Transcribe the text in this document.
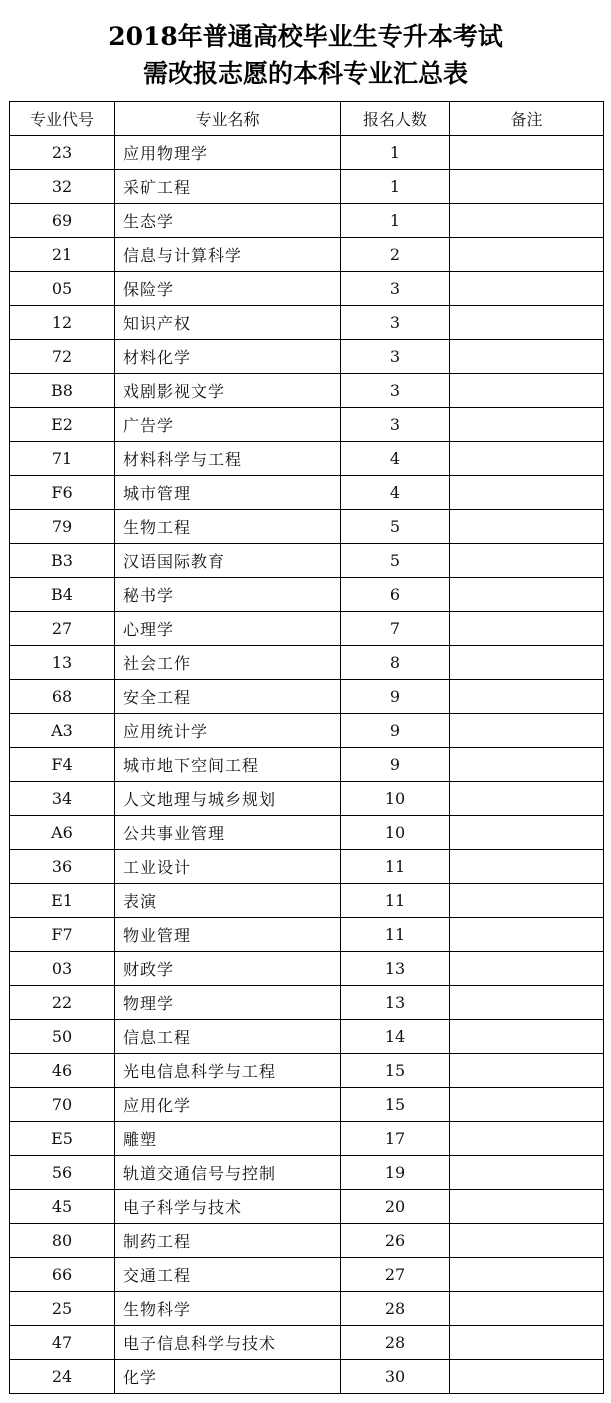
2018年普通高校毕业生专升本考试
需改报志愿的本科专业汇总表
专业代号	专业名称	报名人数	备注
23	应用物理学	1	
32	采矿工程	1	
69	生态学	1	
21	信息与计算科学	2	
05	保险学	3	
12	知识产权	3	
72	材料化学	3	
B8	戏剧影视文学	3	
E2	广告学	3	
71	材料科学与工程	4	
F6	城市管理	4	
79	生物工程	5	
B3	汉语国际教育	5	
B4	秘书学	6	
27	心理学	7	
13	社会工作	8	
68	安全工程	9	
A3	应用统计学	9	
F4	城市地下空间工程	9	
34	人文地理与城乡规划	10	
A6	公共事业管理	10	
36	工业设计	11	
E1	表演	11	
F7	物业管理	11	
03	财政学	13	
22	物理学	13	
50	信息工程	14	
46	光电信息科学与工程	15	
70	应用化学	15	
E5	雕塑	17	
56	轨道交通信号与控制	19	
45	电子科学与技术	20	
80	制药工程	26	
66	交通工程	27	
25	生物科学	28	
47	电子信息科学与技术	28	
24	化学	30	
